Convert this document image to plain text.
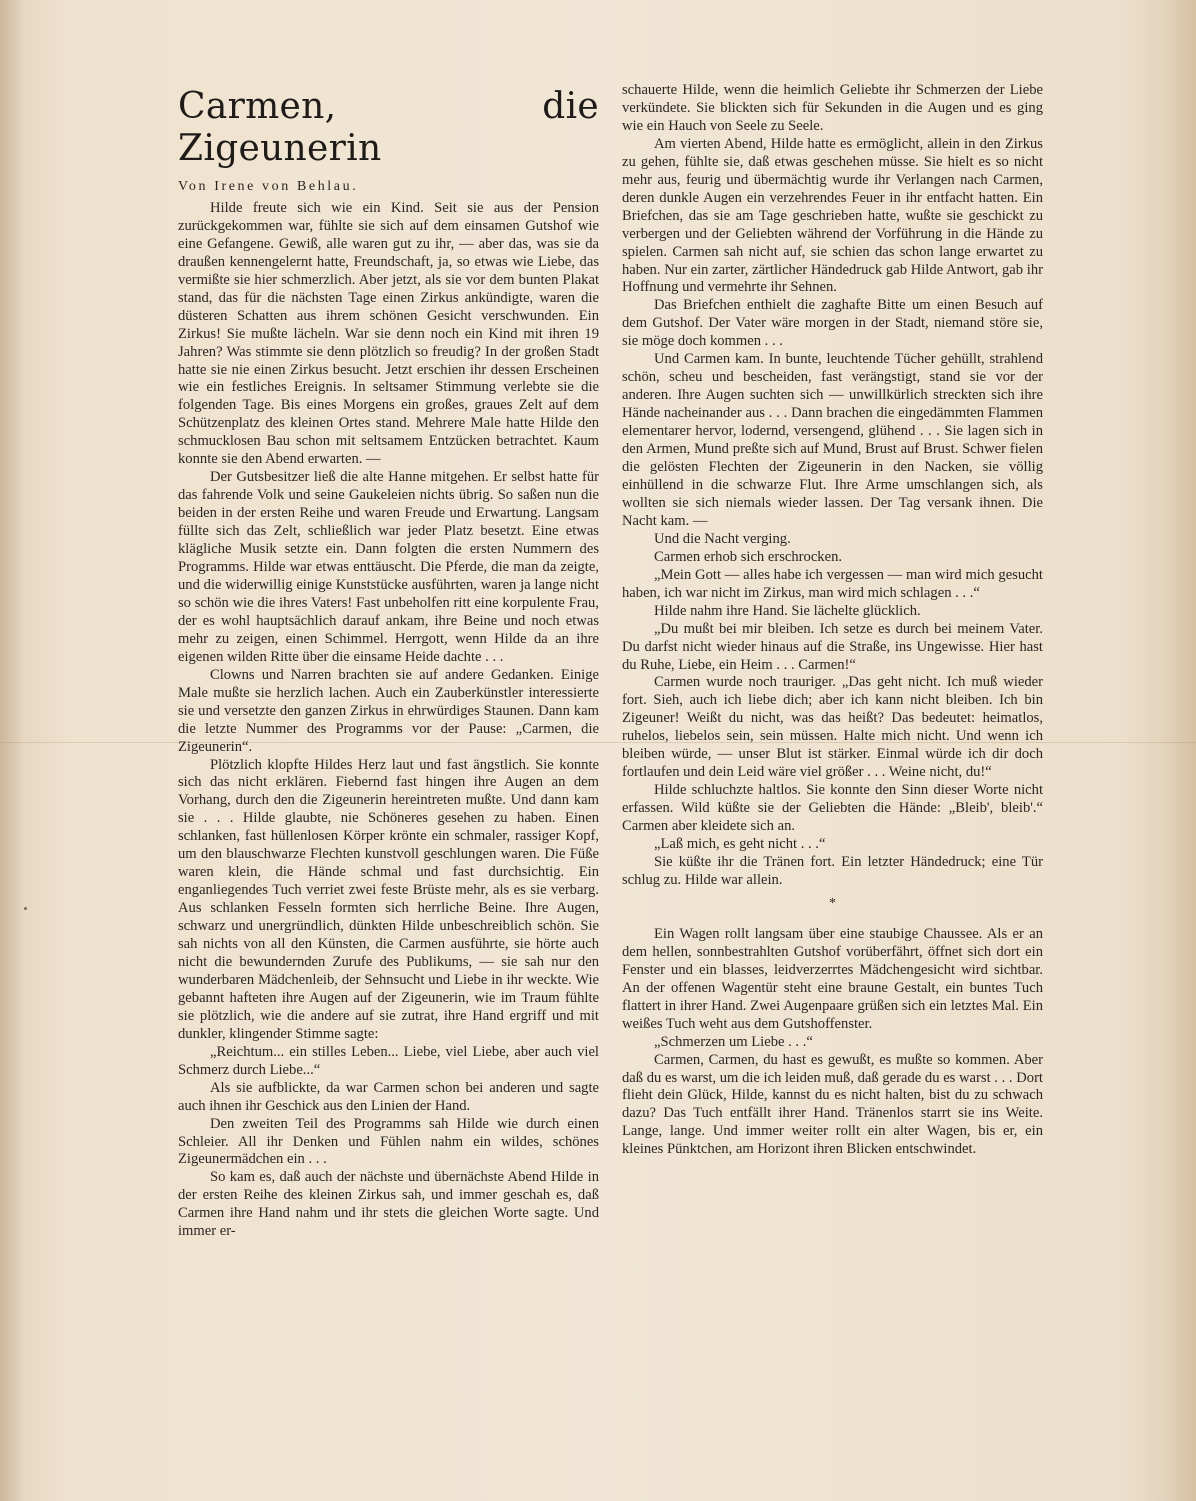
Carmen, die Zigeunerin
Von Irene von Behlau.

Hilde freute sich wie ein Kind. Seit sie aus der Pension zurückgekommen war, fühlte sie sich auf dem einsamen Gutshof wie eine Gefangene. Gewiß, alle waren gut zu ihr, — aber das, was sie da draußen kennengelernt hatte, Freundschaft, ja, so etwas wie Liebe, das vermißte sie hier schmerzlich. Aber jetzt, als sie vor dem bunten Plakat stand, das für die nächsten Tage einen Zirkus ankündigte, waren die düsteren Schatten aus ihrem schönen Gesicht verschwunden. Ein Zirkus! Sie mußte lächeln. War sie denn noch ein Kind mit ihren 19 Jahren? Was stimmte sie denn plötzlich so freudig? In der großen Stadt hatte sie nie einen Zirkus besucht. Jetzt erschien ihr dessen Erscheinen wie ein festliches Ereignis. In seltsamer Stimmung verlebte sie die folgenden Tage. Bis eines Morgens ein großes, graues Zelt auf dem Schützenplatz des kleinen Ortes stand. Mehrere Male hatte Hilde den schmucklosen Bau schon mit seltsamem Entzücken betrachtet. Kaum konnte sie den Abend erwarten. —

Der Gutsbesitzer ließ die alte Hanne mitgehen. Er selbst hatte für das fahrende Volk und seine Gaukeleien nichts übrig. So saßen nun die beiden in der ersten Reihe und waren Freude und Erwartung. Langsam füllte sich das Zelt, schließlich war jeder Platz besetzt. Eine etwas klägliche Musik setzte ein. Dann folgten die ersten Nummern des Programms. Hilde war etwas enttäuscht. Die Pferde, die man da zeigte, und die widerwillig einige Kunststücke ausführten, waren ja lange nicht so schön wie die ihres Vaters! Fast unbeholfen ritt eine korpulente Frau, der es wohl hauptsächlich darauf ankam, ihre Beine und noch etwas mehr zu zeigen, einen Schimmel. Herrgott, wenn Hilde da an ihre eigenen wilden Ritte über die einsame Heide dachte . . .

Clowns und Narren brachten sie auf andere Gedanken. Einige Male mußte sie herzlich lachen. Auch ein Zauberkünstler interessierte sie und versetzte den ganzen Zirkus in ehrwürdiges Staunen. Dann kam die letzte Nummer des Programms vor der Pause: „Carmen, die Zigeunerin“.

Plötzlich klopfte Hildes Herz laut und fast ängstlich. Sie konnte sich das nicht erklären. Fiebernd fast hingen ihre Augen an dem Vorhang, durch den die Zigeunerin hereintreten mußte. Und dann kam sie . . . Hilde glaubte, nie Schöneres gesehen zu haben. Einen schlanken, fast hüllenlosen Körper krönte ein schmaler, rassiger Kopf, um den blauschwarze Flechten kunstvoll geschlungen waren. Die Füße waren klein, die Hände schmal und fast durchsichtig. Ein enganliegendes Tuch verriet zwei feste Brüste mehr, als es sie verbarg. Aus schlanken Fesseln formten sich herrliche Beine. Ihre Augen, schwarz und unergründlich, dünkten Hilde unbeschreiblich schön. Sie sah nichts von all den Künsten, die Carmen ausführte, sie hörte auch nicht die bewundernden Zurufe des Publikums, — sie sah nur den wunderbaren Mädchenleib, der Sehnsucht und Liebe in ihr weckte. Wie gebannt hafteten ihre Augen auf der Zigeunerin, wie im Traum fühlte sie plötzlich, wie die andere auf sie zutrat, ihre Hand ergriff und mit dunkler, klingender Stimme sagte:

„Reichtum... ein stilles Leben... Liebe, viel Liebe, aber auch viel Schmerz durch Liebe...“

Als sie aufblickte, da war Carmen schon bei anderen und sagte auch ihnen ihr Geschick aus den Linien der Hand.

Den zweiten Teil des Programms sah Hilde wie durch einen Schleier. All ihr Denken und Fühlen nahm ein wildes, schönes Zigeunermädchen ein . . .

So kam es, daß auch der nächste und übernächste Abend Hilde in der ersten Reihe des kleinen Zirkus sah, und immer geschah es, daß Carmen ihre Hand nahm und ihr stets die gleichen Worte sagte. Und immer er-

schauerte Hilde, wenn die heimlich Geliebte ihr Schmerzen der Liebe verkündete. Sie blickten sich für Sekunden in die Augen und es ging wie ein Hauch von Seele zu Seele.

Am vierten Abend, Hilde hatte es ermöglicht, allein in den Zirkus zu gehen, fühlte sie, daß etwas geschehen müsse. Sie hielt es so nicht mehr aus, feurig und übermächtig wurde ihr Verlangen nach Carmen, deren dunkle Augen ein verzehrendes Feuer in ihr entfacht hatten. Ein Briefchen, das sie am Tage geschrieben hatte, wußte sie geschickt zu verbergen und der Geliebten während der Vorführung in die Hände zu spielen. Carmen sah nicht auf, sie schien das schon lange erwartet zu haben. Nur ein zarter, zärtlicher Händedruck gab Hilde Antwort, gab ihr Hoffnung und vermehrte ihr Sehnen.

Das Briefchen enthielt die zaghafte Bitte um einen Besuch auf dem Gutshof. Der Vater wäre morgen in der Stadt, niemand störe sie, sie möge doch kommen . . .

Und Carmen kam. In bunte, leuchtende Tücher gehüllt, strahlend schön, scheu und bescheiden, fast verängstigt, stand sie vor der anderen. Ihre Augen suchten sich — unwillkürlich streckten sich ihre Hände nacheinander aus . . . Dann brachen die eingedämmten Flammen elementarer hervor, lodernd, versengend, glühend . . . Sie lagen sich in den Armen, Mund preßte sich auf Mund, Brust auf Brust. Schwer fielen die gelösten Flechten der Zigeunerin in den Nacken, sie völlig einhüllend in die schwarze Flut. Ihre Arme umschlangen sich, als wollten sie sich niemals wieder lassen. Der Tag versank ihnen. Die Nacht kam. —

Und die Nacht verging.

Carmen erhob sich erschrocken.

„Mein Gott — alles habe ich vergessen — man wird mich gesucht haben, ich war nicht im Zirkus, man wird mich schlagen . . .“

Hilde nahm ihre Hand. Sie lächelte glücklich.

„Du mußt bei mir bleiben. Ich setze es durch bei meinem Vater. Du darfst nicht wieder hinaus auf die Straße, ins Ungewisse. Hier hast du Ruhe, Liebe, ein Heim . . . Carmen!“

Carmen wurde noch trauriger. „Das geht nicht. Ich muß wieder fort. Sieh, auch ich liebe dich; aber ich kann nicht bleiben. Ich bin Zigeuner! Weißt du nicht, was das heißt? Das bedeutet: heimatlos, ruhelos, liebelos sein, sein müssen. Halte mich nicht. Und wenn ich bleiben würde, — unser Blut ist stärker. Einmal würde ich dir doch fortlaufen und dein Leid wäre viel größer . . . Weine nicht, du!“

Hilde schluchzte haltlos. Sie konnte den Sinn dieser Worte nicht erfassen. Wild küßte sie der Geliebten die Hände: „Bleib', bleib'.“ Carmen aber kleidete sich an.

„Laß mich, es geht nicht . . .“

Sie küßte ihr die Tränen fort. Ein letzter Händedruck; eine Tür schlug zu. Hilde war allein.

*

Ein Wagen rollt langsam über eine staubige Chaussee. Als er an dem hellen, sonnbestrahlten Gutshof vorüberfährt, öffnet sich dort ein Fenster und ein blasses, leidverzerrtes Mädchengesicht wird sichtbar. An der offenen Wagentür steht eine braune Gestalt, ein buntes Tuch flattert in ihrer Hand. Zwei Augenpaare grüßen sich ein letztes Mal. Ein weißes Tuch weht aus dem Gutshoffenster.

„Schmerzen um Liebe . . .“

Carmen, Carmen, du hast es gewußt, es mußte so kommen. Aber daß du es warst, um die ich leiden muß, daß gerade du es warst . . . Dort flieht dein Glück, Hilde, kannst du es nicht halten, bist du zu schwach dazu? Das Tuch entfällt ihrer Hand. Tränenlos starrt sie ins Weite. Lange, lange. Und immer weiter rollt ein alter Wagen, bis er, ein kleines Pünktchen, am Horizont ihren Blicken entschwindet.
